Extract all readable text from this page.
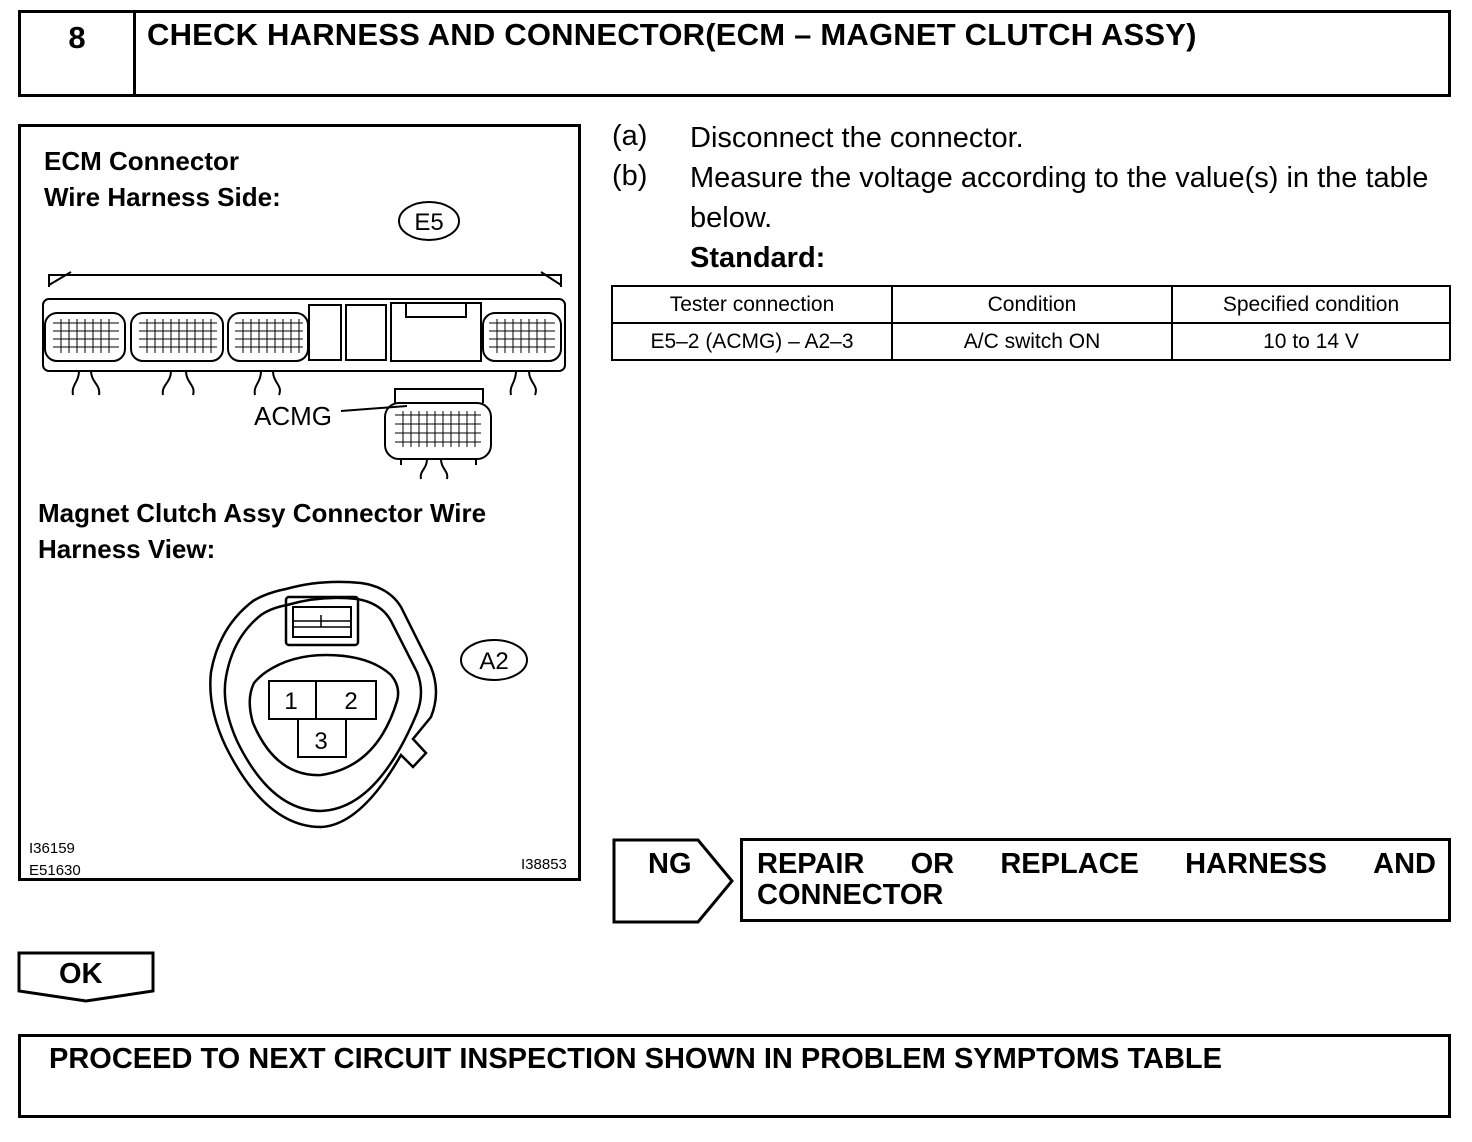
8	CHECK HARNESS AND CONNECTOR(ECM – MAGNET CLUTCH ASSY)
ECM Connector
Wire Harness Side:
E5
ACMG
A2
1 2
3
Magnet Clutch Assy Connector Wire
Harness View:
I36159
E51630	I38853
(a) Disconnect the connector.
(b) Measure the voltage according to the value(s) in the table
below.
Standard:
Tester connection	Condition	Specified condition
E5–2 (ACMG) – A2–3	A/C switch ON	10 to 14 V
NG REPAIR OR REPLACE HARNESS AND
CONNECTOR
OK
PROCEED TO NEXT CIRCUIT INSPECTION SHOWN IN PROBLEM SYMPTOMS TABLE
